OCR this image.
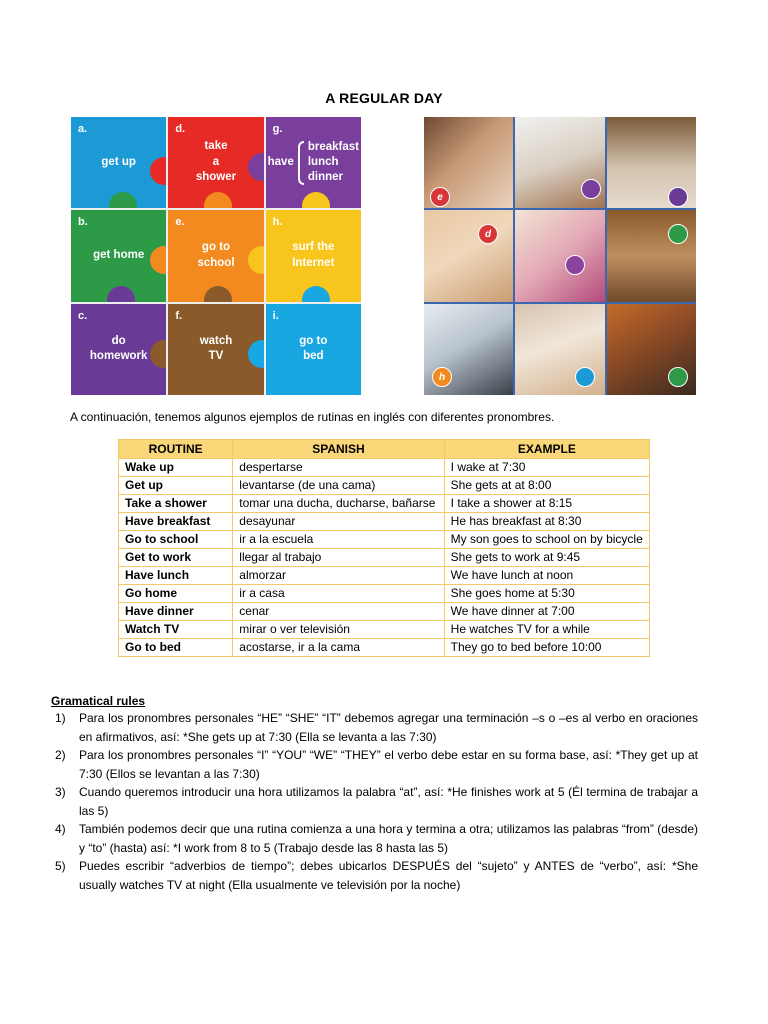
A REGULAR DAY
a.
get up
d.
take
a
shower
g.
have
breakfast
lunch
dinner
b.
get home
e.
go to
school
h.
surf the
Internet
c.
do
homework
f.
watch
TV
i.
go to
bed
e
d
h
A continuación, tenemos algunos ejemplos de rutinas en inglés con diferentes pronombres.
ROUTINE	SPANISH	EXAMPLE
Wake up	despertarse	I wake at 7:30
Get up	levantarse (de una cama)	She gets at at 8:00
Take a shower	tomar una ducha, ducharse, bañarse	I take a shower at 8:15
Have breakfast	desayunar	He has breakfast at 8:30
Go to school	ir a la escuela	My son goes to school on by bicycle
Get to work	llegar al trabajo	She gets to work at 9:45
Have lunch	almorzar	We have lunch at noon
Go home	ir a casa	She goes home at 5:30
Have dinner	cenar	We have dinner at 7:00
Watch TV	mirar o ver televisión	He watches TV for a while
Go to bed	acostarse, ir a la cama	They go to bed before 10:00
Gramatical rules
1) Para los pronombres personales “HE” “SHE” “IT” debemos agregar una terminación –s o –es al verbo en oraciones en afirmativos, así: *She gets up at 7:30 (Ella se levanta a las 7:30)
2) Para los pronombres personales “I” “YOU” “WE” “THEY” el verbo debe estar en su forma base, así: *They get up at 7:30 (Ellos se levantan a las 7:30)
3) Cuando queremos introducir una hora utilizamos la palabra “at”, así: *He finishes work at 5 (Él termina de trabajar a las 5)
4) También podemos decir que una rutina comienza a una hora y termina a otra; utilizamos las palabras “from” (desde) y “to” (hasta) así: *I work from 8 to 5 (Trabajo desde las 8 hasta las 5)
5) Puedes escribir “adverbios de tiempo”; debes ubicarlos DESPUÉS del “sujeto” y ANTES de “verbo”, así: *She usually watches TV at night (Ella usualmente ve televisión por la noche)
